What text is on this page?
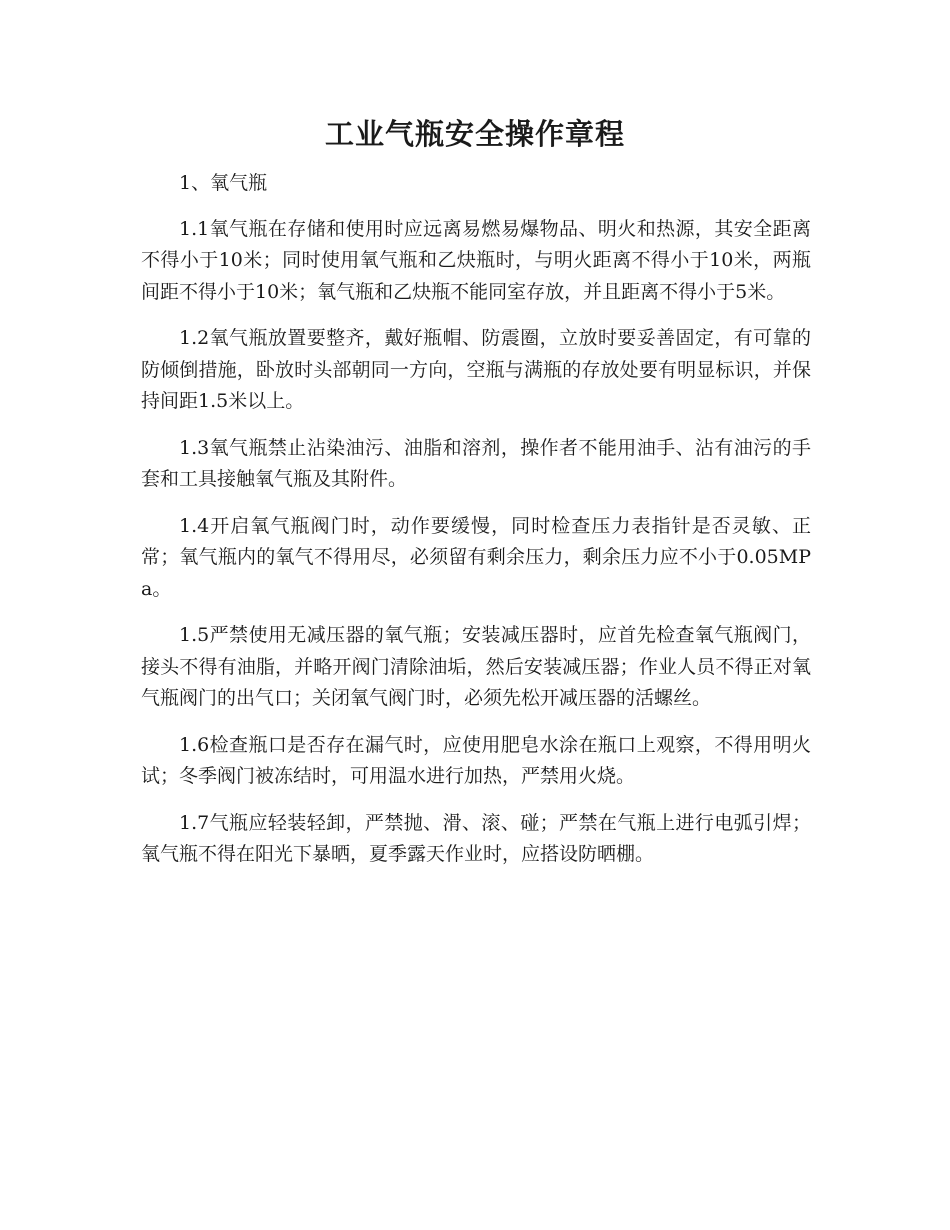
工业气瓶安全操作章程

1、氧气瓶

1.1氧气瓶在存储和使用时应远离易燃易爆物品、明火和热源，其安全距离不得小于10米；同时使用氧气瓶和乙炔瓶时，与明火距离不得小于10米，两瓶间距不得小于10米；氧气瓶和乙炔瓶不能同室存放，并且距离不得小于5米。

1.2氧气瓶放置要整齐，戴好瓶帽、防震圈，立放时要妥善固定，有可靠的防倾倒措施，卧放时头部朝同一方向，空瓶与满瓶的存放处要有明显标识，并保持间距1.5米以上。

1.3氧气瓶禁止沾染油污、油脂和溶剂，操作者不能用油手、沾有油污的手套和工具接触氧气瓶及其附件。

1.4开启氧气瓶阀门时，动作要缓慢，同时检查压力表指针是否灵敏、正常；氧气瓶内的氧气不得用尽，必须留有剩余压力，剩余压力应不小于0.05MPa。

1.5严禁使用无减压器的氧气瓶；安装减压器时，应首先检查氧气瓶阀门，接头不得有油脂，并略开阀门清除油垢，然后安装减压器；作业人员不得正对氧气瓶阀门的出气口；关闭氧气阀门时，必须先松开减压器的活螺丝。

1.6检查瓶口是否存在漏气时，应使用肥皂水涂在瓶口上观察，不得用明火试；冬季阀门被冻结时，可用温水进行加热，严禁用火烧。

1.7气瓶应轻装轻卸，严禁抛、滑、滚、碰；严禁在气瓶上进行电弧引焊；氧气瓶不得在阳光下暴晒，夏季露天作业时，应搭设防晒棚。
